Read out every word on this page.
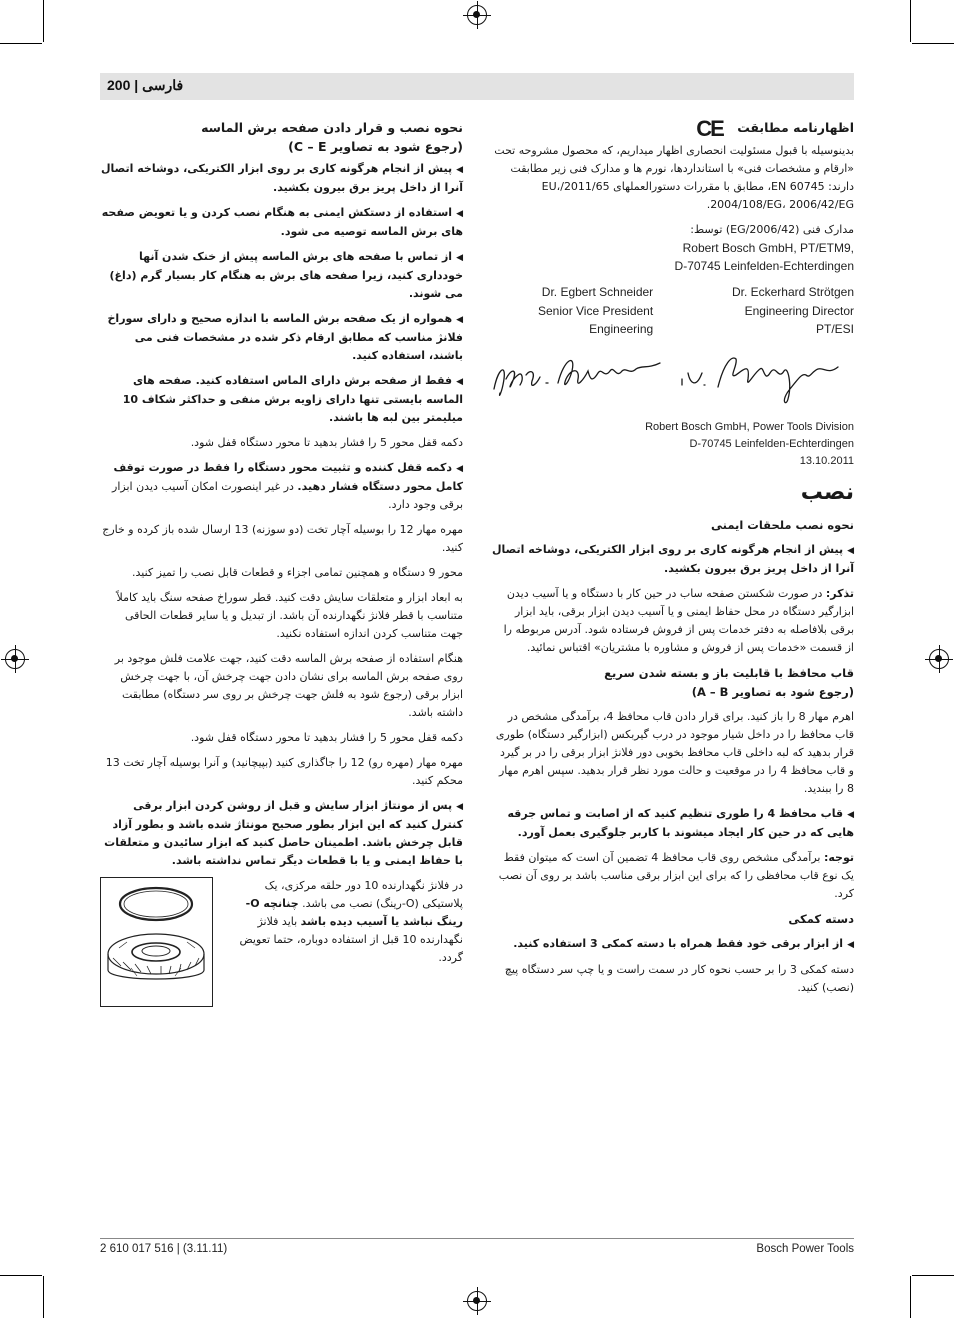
200 | فارسی
اظهارنامه مطابقت CE
بدینوسیله با قبول مسئولیت انحصاری اظهار میداریم، که محصول مشروحه تحت «ارقام و مشخصات فنی» با استانداردها، نورم ها و مدارک فنی زیر مطابقت دارند: EN 60745، مطابق با مقررات دستورالعملهای 2011/65/EU، 2004/108/EG، 2006/42/EG.
مدارک فنی (2006/42/EG) توسط:
Robert Bosch GmbH, PT/ETM9,
D-70745 Leinfelden-Echterdingen
Dr. Egbert Schneider
Senior Vice President
Engineering
Dr. Eckerhard Strötgen
Engineering Director
PT/ESI
Robert Bosch GmbH, Power Tools Division
D-70745 Leinfelden-Echterdingen
13.10.2011
نصب
نحوه نصب ملحقات ایمنی
◀پیش از انجام هرگونه کاری بر روی ابزار الکتریکی، دوشاخه اتصال آنرا از داخل پریز برق بیرون بکشید.
تذکر: در صورت شکستن صفحه ساب در حین کار با دستگاه و یا آسیب دیدن ابزارگیر دستگاه در محل حفاظ ایمنی و یا آسیب دیدن ابزار برقی، باید ابزار برقی بلافاصله به دفتر خدمات پس از فروش فرستاده شود. آدرس مربوطه را از قسمت «خدمات پس از فروش و مشاوره با مشتریان» اقتباس نمائید.
قاب محافظ با قابلیت باز و بسته شدن سریع
(رجوع شود به تصاویر A – B)
اهرم مهار 8 را باز کنید. برای قرار دادن قاب محافظ 4، برآمدگی مشخص در قاب محافظ را در داخل شیار موجود در درب گیربکس (ابزارگیر دستگاه) طوری قرار بدهید که لبه داخلی قاب محافظ بخوبی دور فلانژ ابزار برقی را در بر گیرد و قاب محافظ 4 را در موقعیت و حالت مورد نظر قرار بدهید. سپس اهرم مهار 8 را ببندید.
◀قاب محافظ 4 را طوری تنظیم کنید که از اصابت و تماس جرقه هایی که در حین کار ایجاد میشوند با کاربر جلوگیری بعمل آورد.
توجه: برآمدگی مشخص روی قاب محافظ 4 تضمین آن است که میتوان فقط یک نوع قاب محافظی را که برای این ابزار برقی مناسب باشد بر روی آن نصب کرد.
دسته کمکی
◀از ابزار برقی خود فقط همراه با دسته کمکی 3 استفاده کنید.
دسته کمکی 3 را بر حسب نحوه کار در سمت راست و یا چپ سر دستگاه پیچ (نصب) کنید.
نحوه نصب و قرار دادن صفحه برش الماسه
(رجوع شود به تصاویر C – E)
◀پیش از انجام هرگونه کاری بر روی ابزار الکتریکی، دوشاخه اتصال آنرا از داخل پریز برق بیرون بکشید.
◀استفاده از دستکش ایمنی به هنگام نصب کردن و یا تعویض صفحه های برش الماسه توصیه می شود.
◀از تماس با صفحه های برش الماسه پیش از خنک شدن آنها خودداری کنید، زیرا صفحه های برش به هنگام کار بسیار گرم (داغ) می شوند.
◀همواره از یک صفحه برش الماسه با اندازه صحیح و دارای سوراخ فلانژ مناسب که مطابق ارقام ذکر شده در مشخصات فنی می باشند، استفاده کنید.
◀فقط از صفحه برش دارای الماس استفاده کنید. صفحه های الماسه بایستی تنها دارای زاویه برش منفی و حداکثر شکاف 10 میلیمتر بین لبه ها باشند.
دکمه قفل محور 5 را فشار بدهید تا محور دستگاه قفل شود.
◀دکمه قفل کننده و تثبیت محور دستگاه را فقط در صورت توقف کامل محور دستگاه فشار دهید. در غیر اینصورت امکان آسیب دیدن ابزار برقی وجود دارد.
مهره مهار 12 را بوسیله آچار تخت (دو سوزنه) 13 ارسال شده باز کرده و خارج کنید.
محور 9 دستگاه و همچنین تمامی اجزاء و قطعات قابل نصب را تمیز کنید.
به ابعاد ابزار و متعلقات سایش دقت کنید. قطر سوراخ صفحه سنگ باید کاملاً متناسب با قطر فلانژ نگهدارنده آن باشد. از تبدیل و یا سایر قطعات الحاقی جهت متناسب کردن اندازه استفاده نکنید.
هنگام استفاده از صفحه برش الماسه دقت کنید، جهت علامت فلش موجود بر روی صفحه برش الماسه برای نشان دادن جهت چرخش آن، با جهت چرخش ابزار برقی (رجوع شود به فلش جهت چرخش بر روی سر دستگاه) مطابقت داشته باشد.
دکمه قفل محور 5 را فشار بدهید تا محور دستگاه قفل شود.
مهره مهار (مهره رو) 12 را جاگذاری کنید (بپیچانید) و آنرا بوسیله آچار تخت 13 محکم کنید.
◀پس از مونتاژ ابزار سایش و قبل از روشن کردن ابزار برقی کنترل کنید که این ابزار بطور صحیح مونتاژ شده باشد و بطور آزاد قابل چرخش باشد. اطمینان حاصل کنید که ابزار سائیدن و متعلقات با حفاظ ایمنی و یا با قطعات دیگر تماس نداشته باشد.
در فلانژ نگهدارنده 10 دور حلقه مرکزی، یک پلاستیکی (O-رینگ) نصب می باشد. چنانچه O-رینگ نباشد یا آسیب دیده باشد باید فلانژ نگهدارنده 10 قبل از استفاده دوباره، حتما تعویض گردد.
2 610 017 516 | (3.11.11)	Bosch Power Tools
